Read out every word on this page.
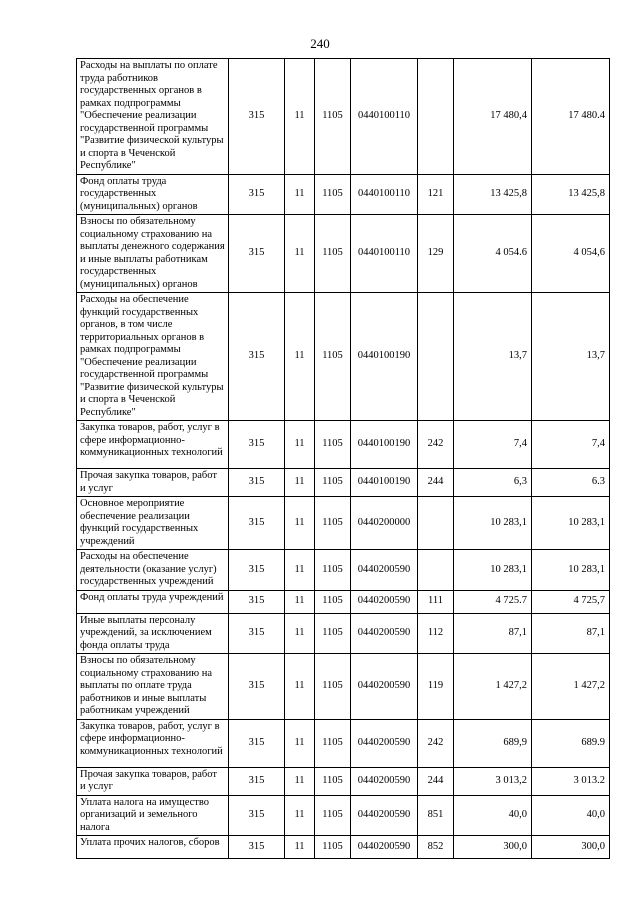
240
Расходы на выплаты по оплате труда работников государственных органов в рамках подпрограммы "Обеспечение реализации государственной программы "Развитие физической культуры и спорта в Чеченской Республике"	315	11	1105	0440100110		17 480,4	17 480.4
Фонд оплаты труда государственных (муниципальных) органов	315	11	1105	0440100110	121	13 425,8	13 425,8
Взносы по обязательному социальному страхованию на выплаты денежного содержания и иные выплаты работникам государственных (муниципальных) органов	315	11	1105	0440100110	129	4 054.6	4 054,6
Расходы на обеспечение функций государственных органов, в том числе территориальных органов в рамках подпрограммы "Обеспечение реализации государственной программы "Развитие физической культуры и спорта в Чеченской Республике"	315	11	1105	0440100190		13,7	13,7
Закупка товаров, работ, услуг в сфере информационно-коммуникационных технологий	315	11	1105	0440100190	242	7,4	7,4
Прочая закупка товаров, работ и услуг	315	11	1105	0440100190	244	6,3	6.3
Основное мероприятие обеспечение реализации функций государственных учреждений	315	11	1105	0440200000		10 283,1	10 283,1
Расходы на обеспечение деятельности (оказание услуг) государственных учреждений	315	11	1105	0440200590		10 283,1	10 283,1
Фонд оплаты труда учреждений	315	11	1105	0440200590	111	4 725.7	4 725,7
Иные выплаты персоналу учреждений, за исключением фонда оплаты труда	315	11	1105	0440200590	112	87,1	87,1
Взносы по обязательному социальному страхованию на выплаты по оплате труда работников и иные выплаты работникам учреждений	315	11	1105	0440200590	119	1 427,2	1 427,2
Закупка товаров, работ, услуг в сфере информационно-коммуникационных технологий	315	11	1105	0440200590	242	689,9	689.9
Прочая закупка товаров, работ и услуг	315	11	1105	0440200590	244	3 013,2	3 013.2
Уплата налога на имущество организаций и земельного налога	315	11	1105	0440200590	851	40,0	40,0
Уплата прочих налогов, сборов	315	11	1105	0440200590	852	300,0	300,0
